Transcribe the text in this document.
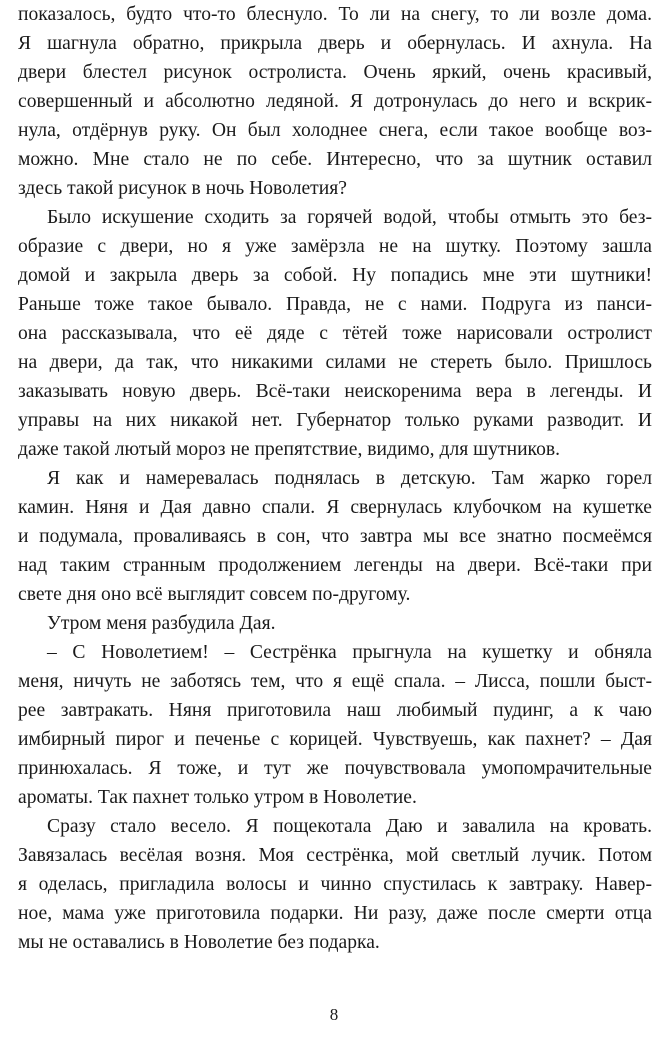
показалось, будто что-то блеснуло. То ли на снегу, то ли возле дома.
Я шагнула обратно, прикрыла дверь и обернулась. И ахнула. На
двери блестел рисунок остролиста. Очень яркий, очень красивый,
совершенный и абсолютно ледяной. Я дотронулась до него и вскрик-
нула, отдёрнув руку. Он был холоднее снега, если такое вообще воз-
можно. Мне стало не по себе. Интересно, что за шутник оставил
здесь такой рисунок в ночь Новолетия?

Было искушение сходить за горячей водой, чтобы отмыть это без-
образие с двери, но я уже замёрзла не на шутку. Поэтому зашла
домой и закрыла дверь за собой. Ну попадись мне эти шутники!
Раньше тоже такое бывало. Правда, не с нами. Подруга из панси-
она рассказывала, что её дяде с тётей тоже нарисовали остролист
на двери, да так, что никакими силами не стереть было. Пришлось
заказывать новую дверь. Всё-таки неискоренима вера в легенды. И
управы на них никакой нет. Губернатор только руками разводит. И
даже такой лютый мороз не препятствие, видимо, для шутников.

Я как и намеревалась поднялась в детскую. Там жарко горел
камин. Няня и Дая давно спали. Я свернулась клубочком на кушетке
и подумала, проваливаясь в сон, что завтра мы все знатно посмеёмся
над таким странным продолжением легенды на двери. Всё-таки при
свете дня оно всё выглядит совсем по-другому.

Утром меня разбудила Дая.

– С Новолетием! – Сестрёнка прыгнула на кушетку и обняла
меня, ничуть не заботясь тем, что я ещё спала. – Лисса, пошли быст-
рее завтракать. Няня приготовила наш любимый пудинг, а к чаю
имбирный пирог и печенье с корицей. Чувствуешь, как пахнет? – Дая
принюхалась. Я тоже, и тут же почувствовала умопомрачительные
ароматы. Так пахнет только утром в Новолетие.

Сразу стало весело. Я пощекотала Даю и завалила на кровать.
Завязалась весёлая возня. Моя сестрёнка, мой светлый лучик. Потом
я оделась, пригладила волосы и чинно спустилась к завтраку. Навер-
ное, мама уже приготовила подарки. Ни разу, даже после смерти отца
мы не оставались в Новолетие без подарка.

8
